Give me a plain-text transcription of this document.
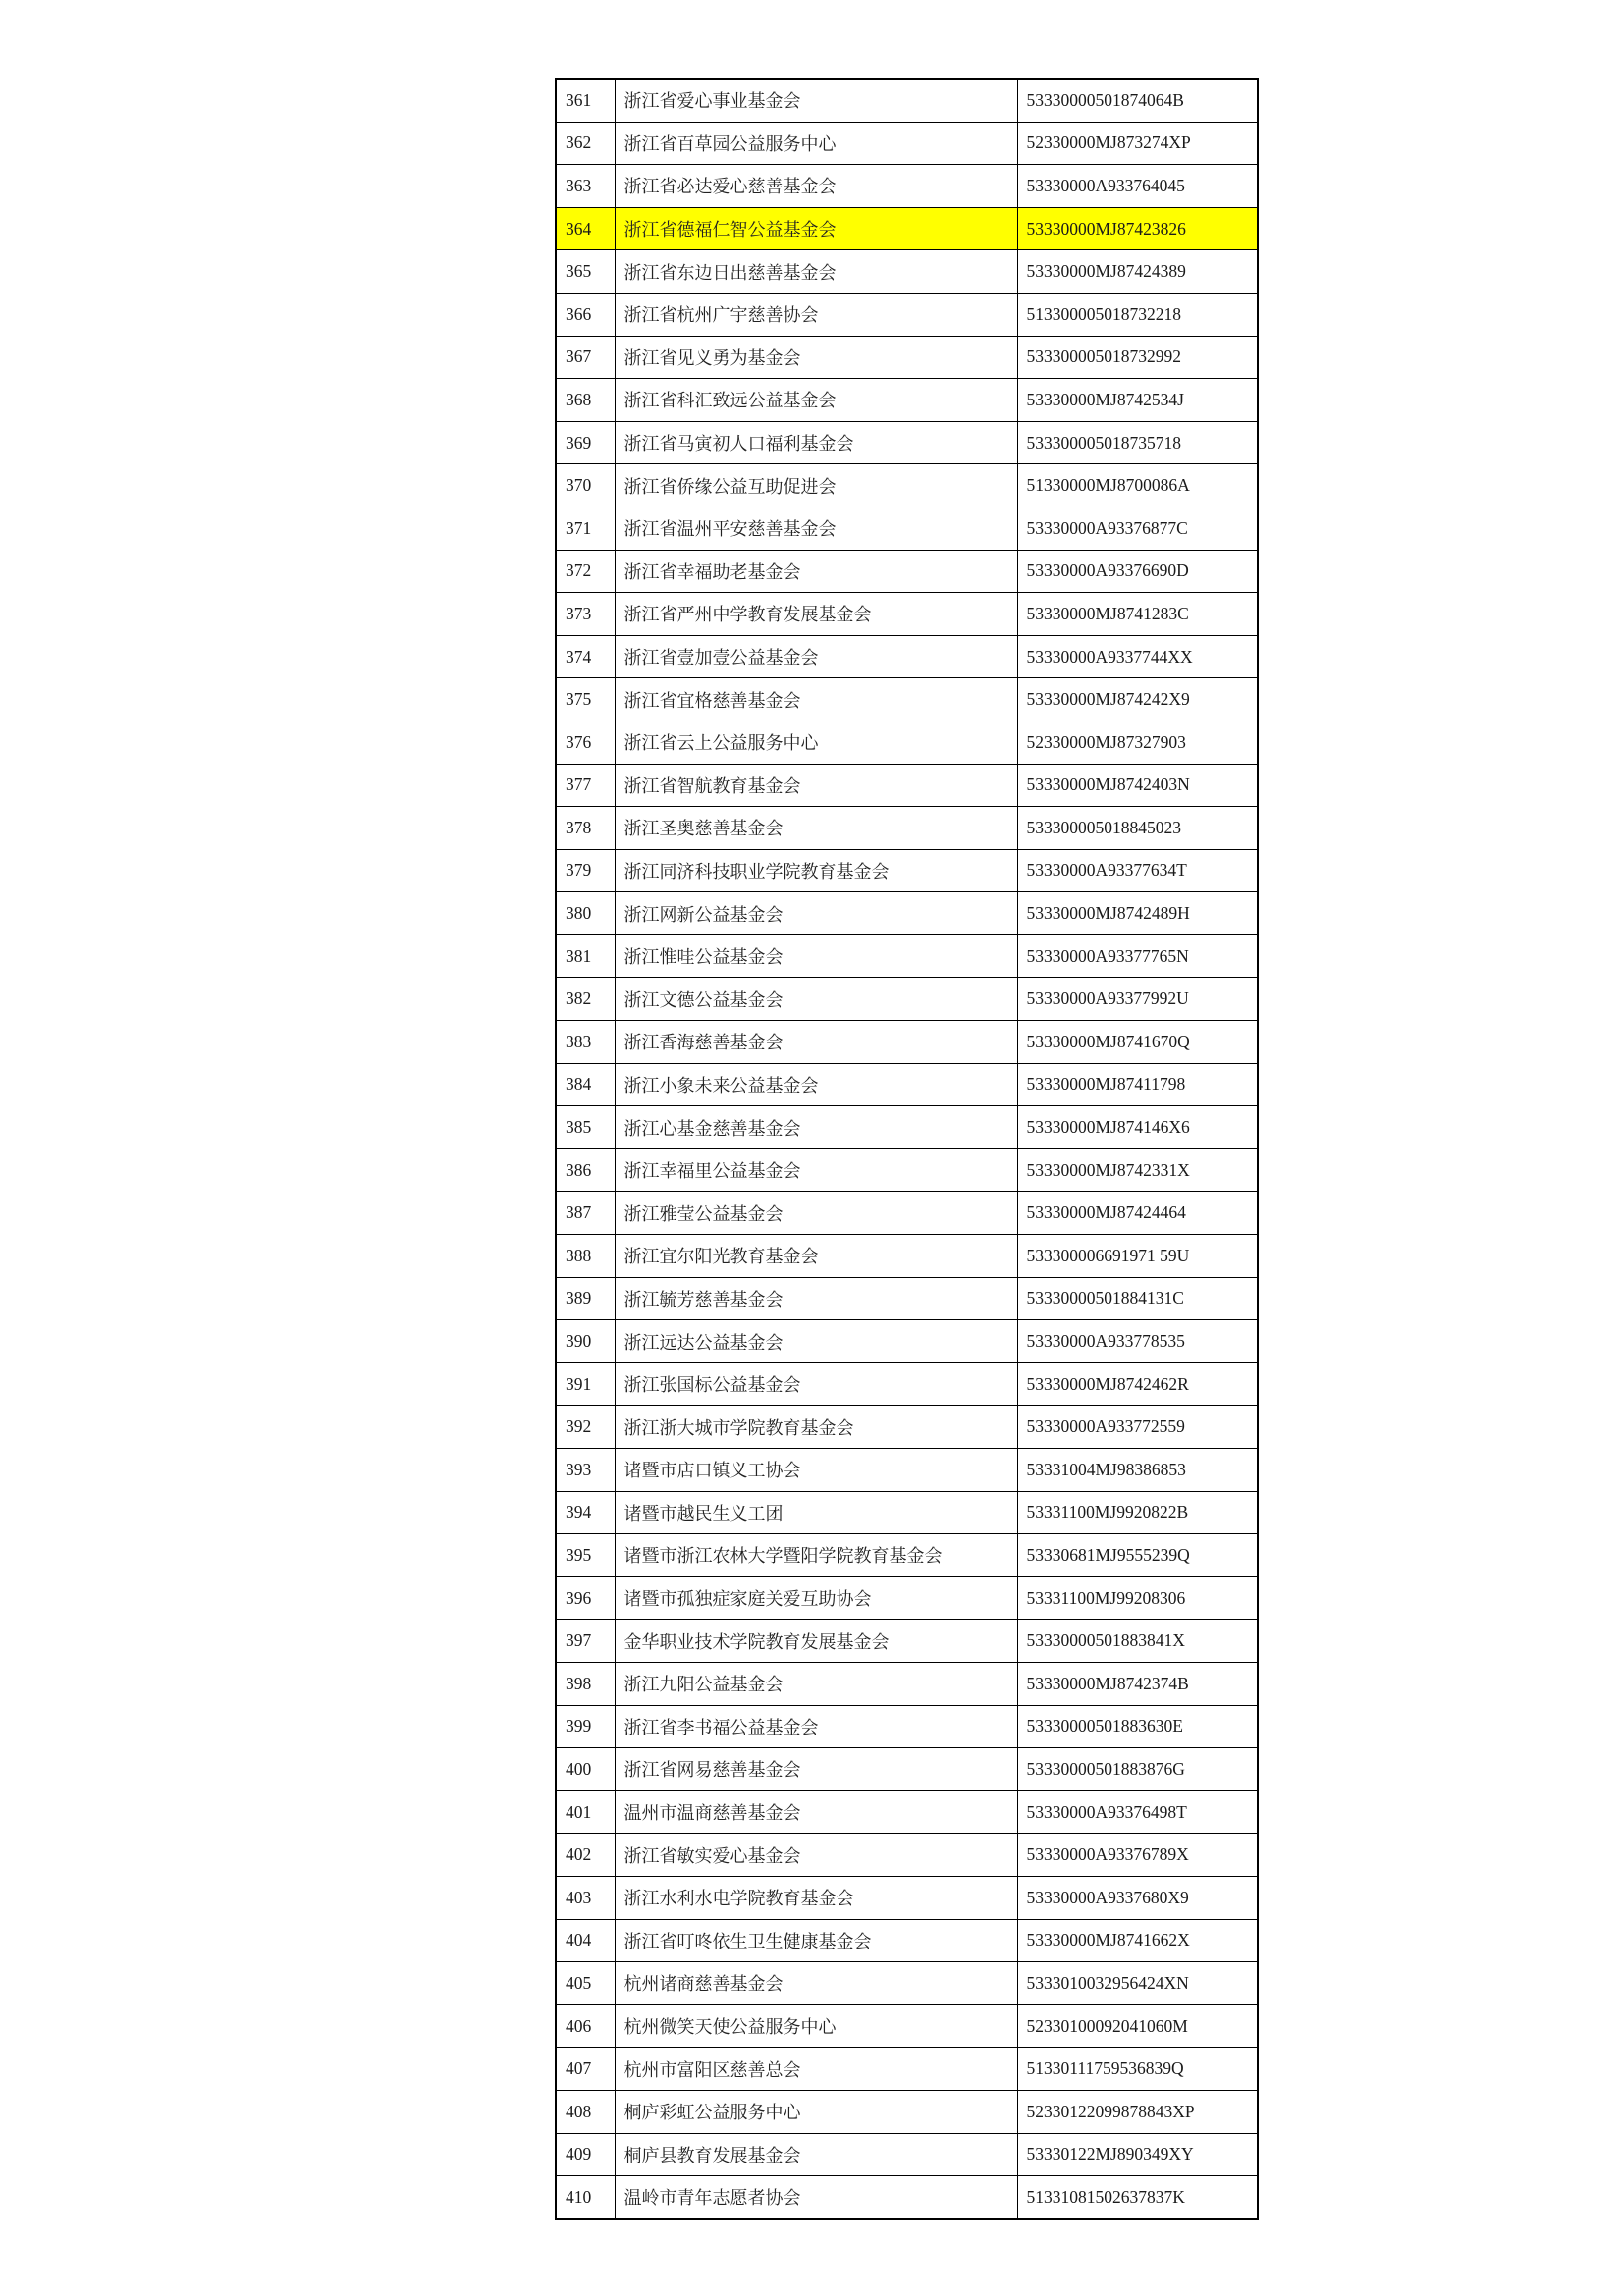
361	浙江省爱心事业基金会	53330000501874064B
362	浙江省百草园公益服务中心	52330000MJ873274XP
363	浙江省必达爱心慈善基金会	53330000A933764045
364	浙江省德福仁智公益基金会	53330000MJ87423826
365	浙江省东边日出慈善基金会	53330000MJ87424389
366	浙江省杭州广宇慈善协会	513300005018732218
367	浙江省见义勇为基金会	533300005018732992
368	浙江省科汇致远公益基金会	53330000MJ8742534J
369	浙江省马寅初人口福利基金会	533300005018735718
370	浙江省侨缘公益互助促进会	51330000MJ8700086A
371	浙江省温州平安慈善基金会	53330000A93376877C
372	浙江省幸福助老基金会	53330000A93376690D
373	浙江省严州中学教育发展基金会	53330000MJ8741283C
374	浙江省壹加壹公益基金会	53330000A9337744XX
375	浙江省宜格慈善基金会	53330000MJ874242X9
376	浙江省云上公益服务中心	52330000MJ87327903
377	浙江省智航教育基金会	53330000MJ8742403N
378	浙江圣奥慈善基金会	533300005018845023
379	浙江同济科技职业学院教育基金会	53330000A93377634T
380	浙江网新公益基金会	53330000MJ8742489H
381	浙江惟哇公益基金会	53330000A93377765N
382	浙江文德公益基金会	53330000A93377992U
383	浙江香海慈善基金会	53330000MJ8741670Q
384	浙江小象未来公益基金会	53330000MJ87411798
385	浙江心基金慈善基金会	53330000MJ874146X6
386	浙江幸福里公益基金会	53330000MJ8742331X
387	浙江雅莹公益基金会	53330000MJ87424464
388	浙江宜尔阳光教育基金会	533300006691971 59U
389	浙江毓芳慈善基金会	53330000501884131C
390	浙江远达公益基金会	53330000A933778535
391	浙江张国标公益基金会	53330000MJ8742462R
392	浙江浙大城市学院教育基金会	53330000A933772559
393	诸暨市店口镇义工协会	53331004MJ98386853
394	诸暨市越民生义工团	53331100MJ9920822B
395	诸暨市浙江农林大学暨阳学院教育基金会	53330681MJ9555239Q
396	诸暨市孤独症家庭关爱互助协会	53331100MJ99208306
397	金华职业技术学院教育发展基金会	53330000501883841X
398	浙江九阳公益基金会	53330000MJ8742374B
399	浙江省李书福公益基金会	53330000501883630E
400	浙江省网易慈善基金会	53330000501883876G
401	温州市温商慈善基金会	53330000A93376498T
402	浙江省敏实爱心基金会	53330000A93376789X
403	浙江水利水电学院教育基金会	53330000A9337680X9
404	浙江省叮咚依生卫生健康基金会	53330000MJ8741662X
405	杭州诸商慈善基金会	5333010032956424XN
406	杭州微笑天使公益服务中心	52330100092041060M
407	杭州市富阳区慈善总会	51330111759536839Q
408	桐庐彩虹公益服务中心	52330122099878843XP
409	桐庐县教育发展基金会	53330122MJ890349XY
410	温岭市青年志愿者协会	51331081502637837K
